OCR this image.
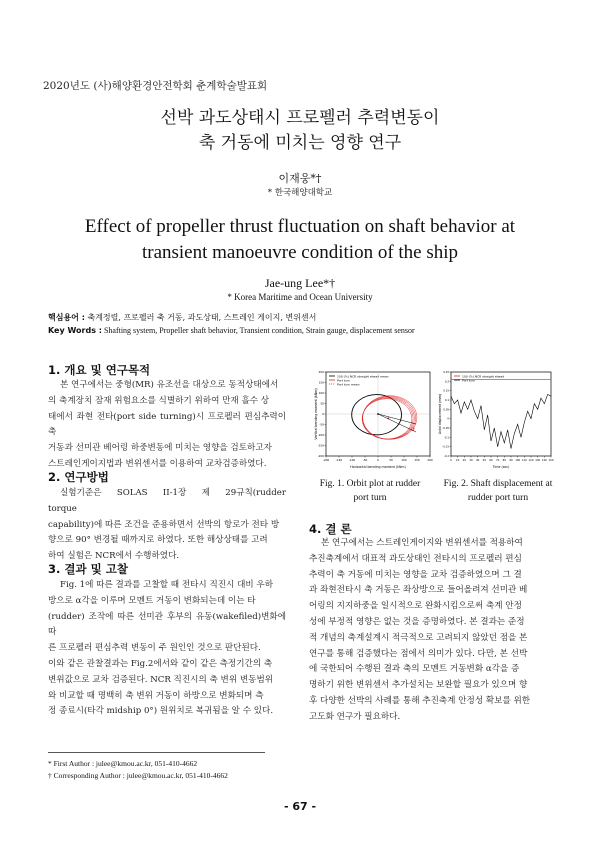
2020년도 (사)해양환경안전학회 춘계학술발표회
선박 과도상태시 프로펠러 추력변동이
축 거동에 미치는 영향 연구
이재웅*†
* 한국해양대학교
Effect of propeller thrust fluctuation on shaft behavior at
transient manoeuvre condition of the ship
Jae-ung Lee*†
* Korea Maritime and Ocean University
핵심용어 : 축계정렬, 프로펠러 축 거동, 과도상태, 스트레인 게이지, 변위센서
Key Words : Shafting system, Propeller shaft behavior, Transient condition, Strain gauge, displacement sensor
1. 개요 및 연구목적
본 연구에서는 중형(MR) 유조선을 대상으로 동적상태에서
의 축계장치 잠재 위험요소를 식별하기 위하여 만재 흘수 상
태에서 좌현 전타(port side turning)시 프로펠러 편심추력이 축
거동과 선미관 베어링 하중변동에 미치는 영향을 검토하고자
스트레인게이지법과 변위센서를 이용하여 교차검증하였다.
2. 연구방법
실험기준은 SOLAS II-1장 제 29규칙(rudder torque
capability)에 따른 조건을 준용하면서 선박의 항로가 전타 방
향으로 90° 변경될 때까지로 하였다. 또한 해상상태를 고려
하여 실험은 NCR에서 수행하였다.
3. 결과 및 고찰
Fig. 1에 따른 결과를 고찰할 때 전타시 직진시 대비 우하
방으로 α각을 이루며 모멘트 거동이 변화되는데 이는 타
(rudder) 조작에 따른 선미관 후부의 유동(wakefiled)변화에 따
른 프로펠러 편심추력 변동이 주 원인인 것으로 판단된다.
이와 같은 관찰결과는 Fig.2에서와 같이 같은 측정기간의 축
변위값으로 교차 검증된다. NCR 직진시의 축 변위 변동범위
와 비교할 때 명백히 축 변위 거동이 하방으로 변화되며 측
정 종료시(타각 midship 0°) 원위치로 복귀됨을 알 수 있다.
100 (%) NCR straight ahead mean
Port turn
Port turn mean
α
-200 -150 -100	-50	0	50	100	150	200
-200
-150
-100
-50
0
50
100
150
200
Horizontal bending moment (kNm)
Vertical bending moment (kNm)
100 (%) NCR straight ahead
Port turn
0 10 20 30 40 50 60 70 80 90 100 110 120 130 140 150
-0.2
-0.15
-0.1
-0.05
0
0.05
0.1
0.15
0.2
0.25
Time (sec)
Axial displacement (mm)
Fig. 1. Orbit plot at rudder
port turn
Fig. 2. Shaft displacement at
rudder port turn
4. 결 론
본 연구에서는 스트레인게이지와 변위센서를 적용하여
추진축계에서 대표적 과도상태인 전타시의 프로펠러 편심
추력이 축 거동에 미치는 영향을 교차 검증하였으며 그 결
과 좌현전타시 축 거동은 좌상방으로 들어올려져 선미관 베
어링의 지지하중을 일시적으로 완화시킴으로써 축계 안정
성에 부정적 영향은 없는 것을 증명하였다. 본 결과는 준정
적 개념의 축계설계시 적극적으로 고려되지 않았던 점을 본
연구를 통해 검증했다는 점에서 의미가 있다. 다만, 본 선박
에 국한되어 수행된 결과 축의 모멘트 거동변화 α각을 증
명하기 위한 변위센서 추가설치는 보완할 필요가 있으며 향
후 다양한 선박의 사례를 통해 추진축계 안정성 확보를 위한
고도화 연구가 필요하다.
* First Author : julee@kmou.ac.kr, 051-410-4662
† Corresponding Author : julee@kmou.ac.kr, 051-410-4662
- 67 -
